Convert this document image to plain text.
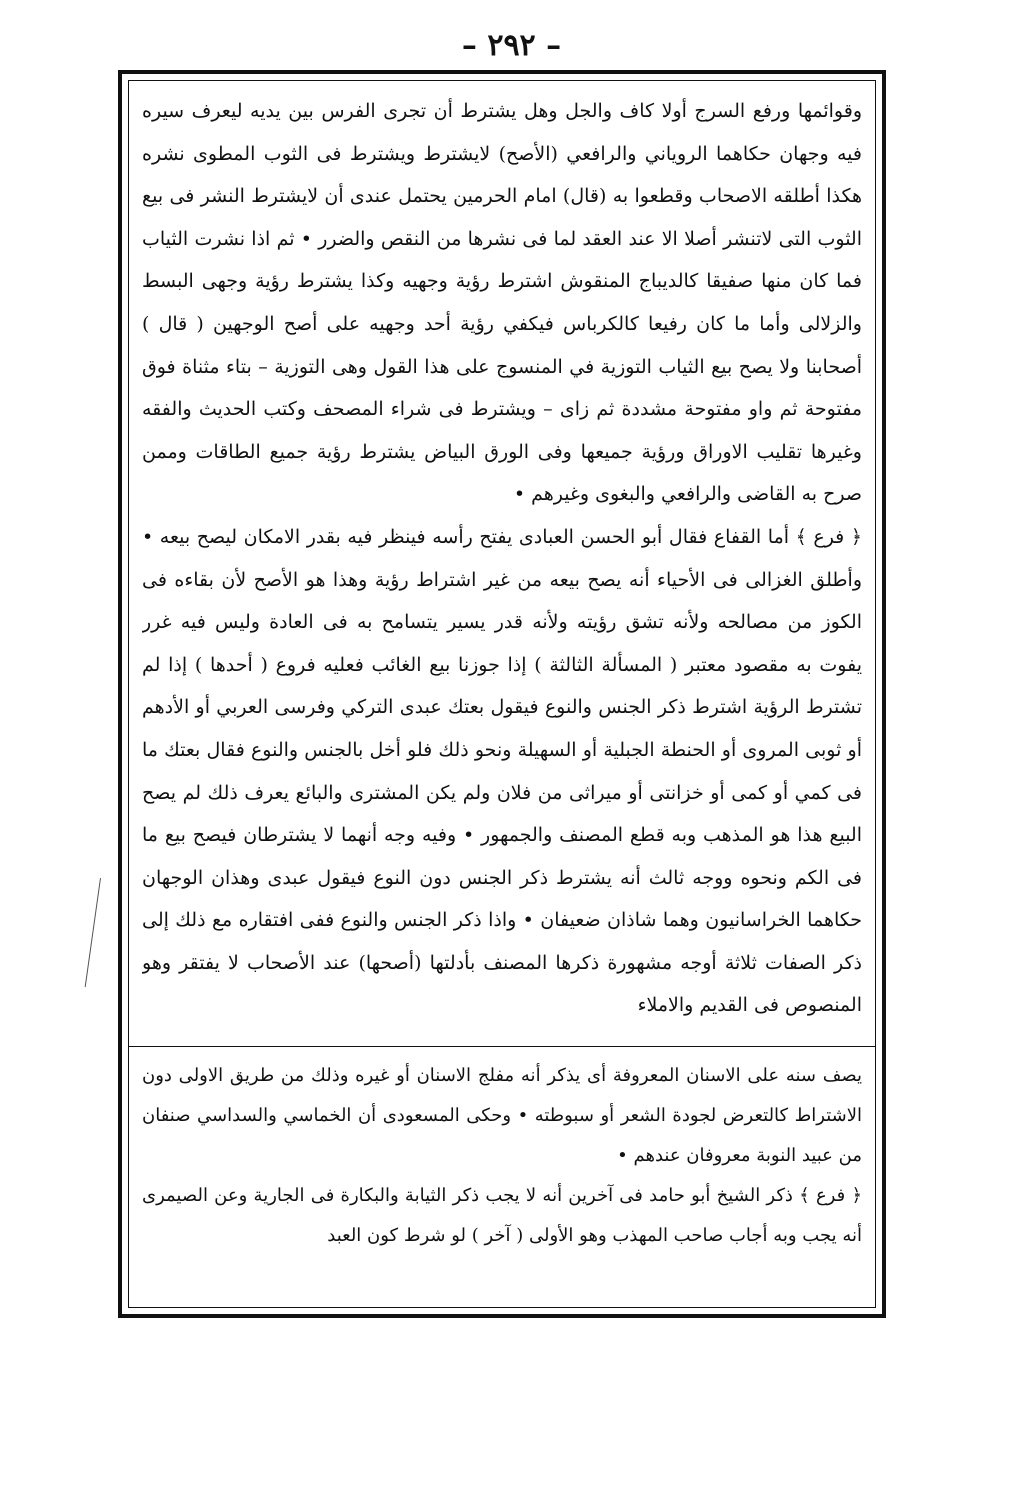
– ٢٩٢ –

وقوائمها ورفع السرج أولا كاف والجل وهل يشترط أن تجرى الفرس بين يديه ليعرف سيره فيه وجهان حكاهما الروياني والرافعي (الأصح) لايشترط ويشترط فى الثوب المطوى نشره هكذا أطلقه الاصحاب وقطعوا به (قال) امام الحرمين يحتمل عندى أن لايشترط النشر فى بيع الثوب التى لاتنشر أصلا الا عند العقد لما فى نشرها من النقص والضرر • ثم اذا نشرت الثياب فما كان منها صفيقا كالديباج المنقوش اشترط رؤية وجهيه وكذا يشترط رؤية وجهى البسط والزلالى وأما ما كان رفيعا كالكرباس فيكفي رؤية أحد وجهيه على أصح الوجهين ( قال ) أصحابنا ولا يصح بيع الثياب التوزية في المنسوج على هذا القول وهى التوزية – بتاء مثناة فوق مفتوحة ثم واو مفتوحة مشددة ثم زاى – ويشترط فى شراء المصحف وكتب الحديث والفقه وغيرها تقليب الاوراق ورؤية جميعها وفى الورق البياض يشترط رؤية جميع الطاقات وممن صرح به القاضى والرافعي والبغوى وغيرهم •

﴿ فرع ﴾ أما القفاع فقال أبو الحسن العبادى يفتح رأسه فينظر فيه بقدر الامكان ليصح بيعه • وأطلق الغزالى فى الأحياء أنه يصح بيعه من غير اشتراط رؤية وهذا هو الأصح لأن بقاءه فى الكوز من مصالحه ولأنه تشق رؤيته ولأنه قدر يسير يتسامح به فى العادة وليس فيه غرر يفوت به مقصود معتبر ( المسألة الثالثة ) إذا جوزنا بيع الغائب فعليه فروع ( أحدها ) إذا لم تشترط الرؤية اشترط ذكر الجنس والنوع فيقول بعتك عبدى التركي وفرسى العربي أو الأدهم أو ثوبى المروى أو الحنطة الجبلية أو السهيلة ونحو ذلك فلو أخل بالجنس والنوع فقال بعتك ما فى كمي أو كمى أو خزانتى أو ميراثى من فلان ولم يكن المشترى والبائع يعرف ذلك لم يصح البيع هذا هو المذهب وبه قطع المصنف والجمهور • وفيه وجه أنهما لا يشترطان فيصح بيع ما فى الكم ونحوه ووجه ثالث أنه يشترط ذكر الجنس دون النوع فيقول عبدى وهذان الوجهان حكاهما الخراسانيون وهما شاذان ضعيفان • واذا ذكر الجنس والنوع ففى افتقاره مع ذلك إلى ذكر الصفات ثلاثة أوجه مشهورة ذكرها المصنف بأدلتها (أصحها) عند الأصحاب لا يفتقر وهو المنصوص فى القديم والاملاء

يصف سنه على الاسنان المعروفة أى يذكر أنه مفلج الاسنان أو غيره وذلك من طريق الاولى دون الاشتراط كالتعرض لجودة الشعر أو سبوطته • وحكى المسعودى أن الخماسي والسداسي صنفان من عبيد النوبة معروفان عندهم •

﴿ فرع ﴾ ذكر الشيخ أبو حامد فى آخرين أنه لا يجب ذكر الثيابة والبكارة فى الجارية وعن الصيمرى أنه يجب وبه أجاب صاحب المهذب وهو الأولى ( آخر ) لو شرط كون العبد
